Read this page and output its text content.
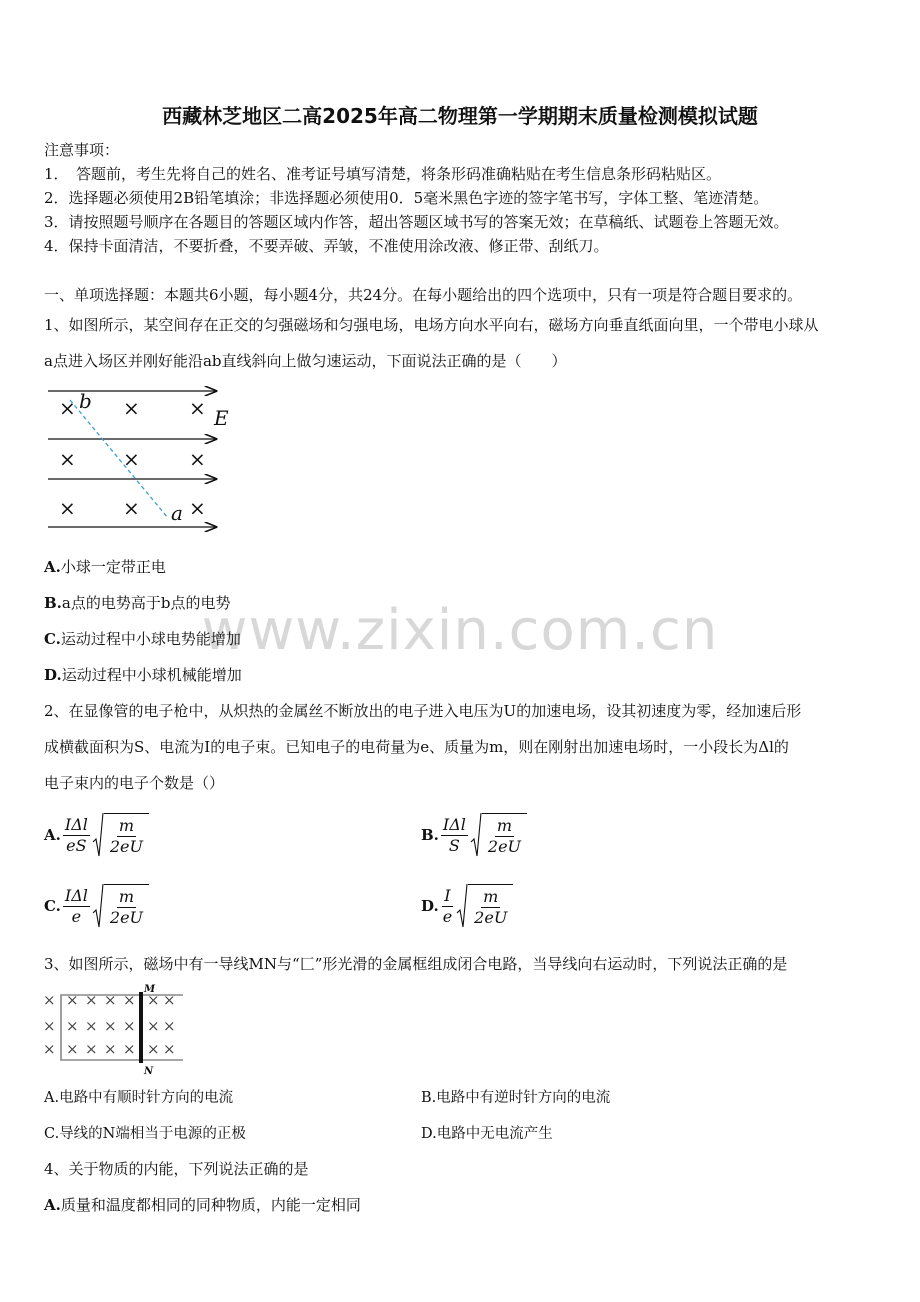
www.zixin.com.cn
西藏林芝地区二高2025年高二物理第一学期期末质量检测模拟试题
注意事项：
1．　答题前，考生先将自己的姓名、准考证号填写清楚，将条形码准确粘贴在考生信息条形码粘贴区。
2．选择题必须使用2B铅笔填涂；非选择题必须使用0．5毫米黑色字迹的签字笔书写，字体工整、笔迹清楚。
3．请按照题号顺序在各题目的答题区域内作答，超出答题区域书写的答案无效；在草稿纸、试题卷上答题无效。
4．保持卡面清洁，不要折叠，不要弄破、弄皱，不准使用涂改液、修正带、刮纸刀。
一、单项选择题：本题共6小题，每小题4分，共24分。在每小题给出的四个选项中，只有一项是符合题目要求的。
1、如图所示，某空间存在正交的匀强磁场和匀强电场，电场方向水平向右，磁场方向垂直纸面向里，一个带电小球从
a点进入场区并刚好能沿ab直线斜向上做匀速运动，下面说法正确的是（　　）
× × ×
× × ×
× × ×
b
a
E
A.小球一定带正电
B.a点的电势高于b点的电势
C.运动过程中小球电势能增加
D.运动过程中小球机械能增加
2、在显像管的电子枪中，从炽热的金属丝不断放出的电子进入电压为U的加速电场，设其初速度为零，经加速后形
成横截面积为S、电流为I的电子束。已知电子的电荷量为e、质量为m，则在刚射出加速电场时，一小段长为Δl的
电子束内的电子个数是（）
A. $\frac{\text{IΔl}}{eS} \frac{m}{2eU}$	B. $\frac{\text{IΔl}}{S} \frac{m}{2eU}$
C. $\frac{\text{IΔl}}{e} \frac{m}{2eU}$	D. $\frac{I}{e} \frac{m}{2eU}$
3、如图所示，磁场中有一导线MN与“匚”形光滑的金属框组成闭合电路，当导线向右运动时，下列说法正确的是
× × × × × × ×
× × × × × × ×
× × × × × × ×
M
N
A.电路中有顺时针方向的电流	B.电路中有逆时针方向的电流
C.导线的N端相当于电源的正极	D.电路中无电流产生
4、关于物质的内能，下列说法正确的是
A.质量和温度都相同的同种物质，内能一定相同
